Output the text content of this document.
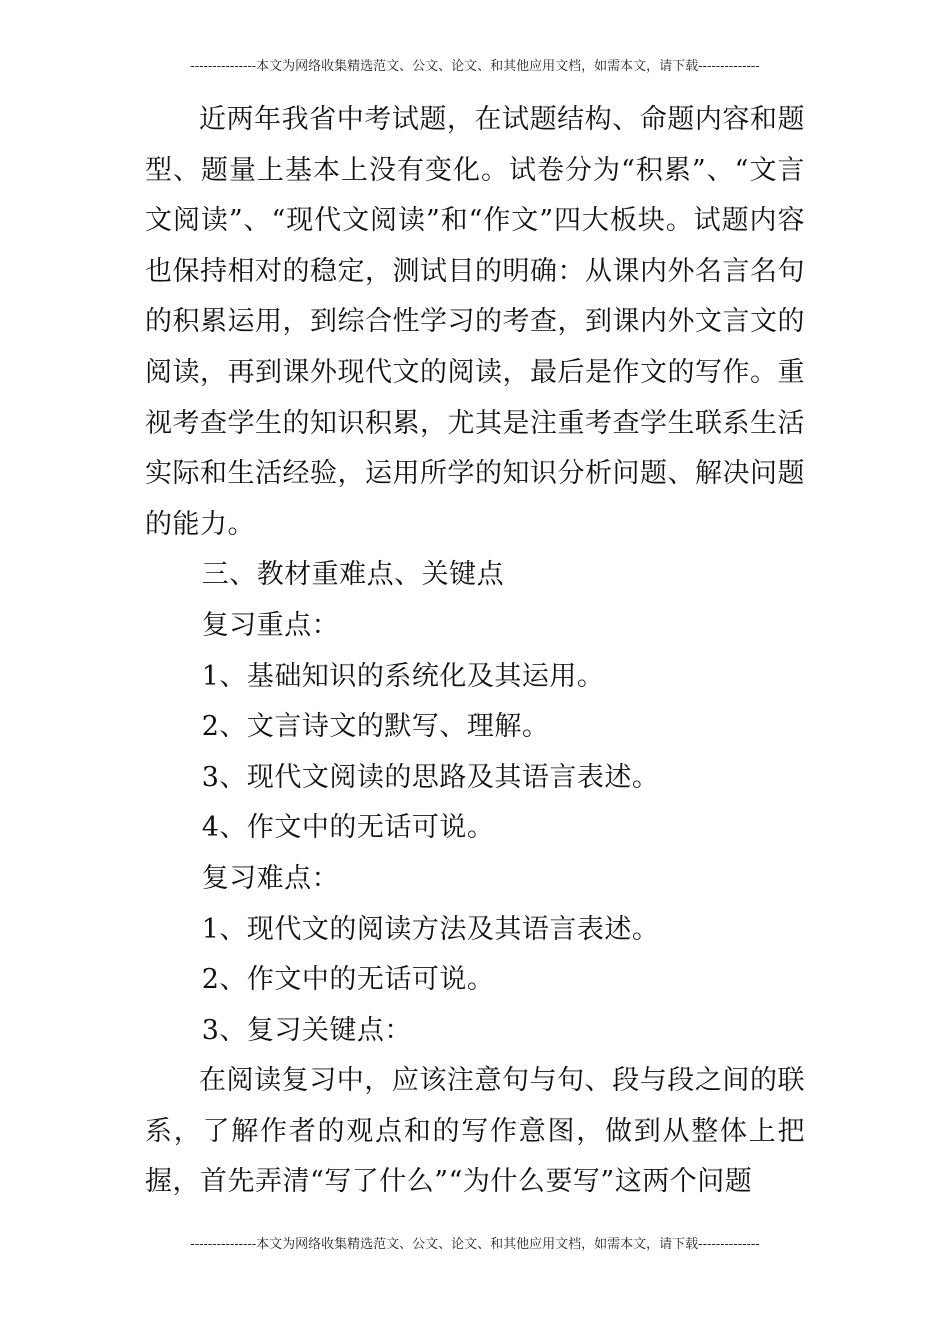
---------------本文为网络收集精选范文、公文、论文、和其他应用文档，如需本文，请下载--------------

近两年我省中考试题，在试题结构、命题内容和题型、题量上基本上没有变化。试卷分为“积累”、“文言文阅读”、“现代文阅读”和“作文”四大板块。试题内容也保持相对的稳定，测试目的明确：从课内外名言名句的积累运用，到综合性学习的考查，到课内外文言文的阅读，再到课外现代文的阅读，最后是作文的写作。重视考查学生的知识积累，尤其是注重考查学生联系生活实际和生活经验，运用所学的知识分析问题、解决问题的能力。

三、教材重难点、关键点

复习重点：

1、基础知识的系统化及其运用。

2、文言诗文的默写、理解。

3、现代文阅读的思路及其语言表述。

4、作文中的无话可说。

复习难点：

1、现代文的阅读方法及其语言表述。

2、作文中的无话可说。

3、复习关键点：

在阅读复习中，应该注意句与句、段与段之间的联系，了解作者的观点和的写作意图，做到从整体上把握，首先弄清“写了什么”“为什么要写”这两个问题

---------------本文为网络收集精选范文、公文、论文、和其他应用文档，如需本文，请下载--------------
